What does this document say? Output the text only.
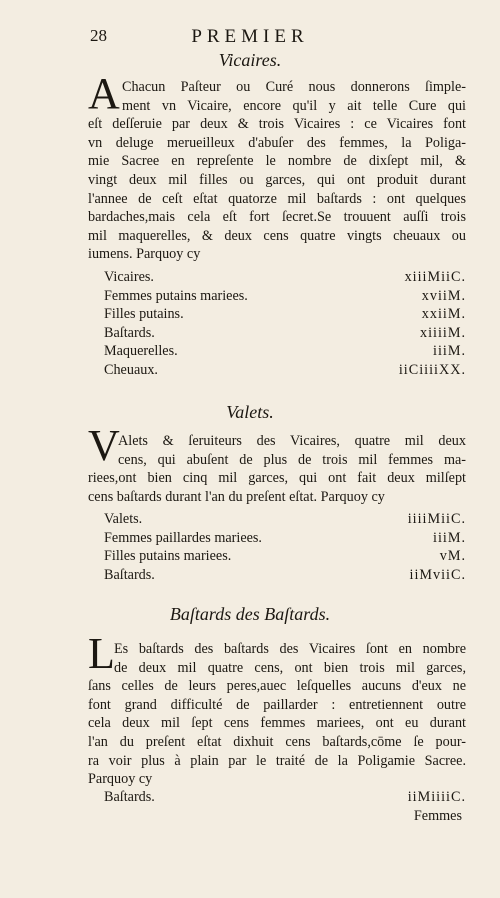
28	PREMIER
Vicaires.
A Chacun Paſteur ou Curé nous donnerons ſimple-
ment vn Vicaire, encore qu'il y ait telle Cure qui
eſt deſſeruie par deux & trois Vicaires : ce Vicaires font
vn deluge merueilleux d'abuſer des femmes, la Poliga-
mie Sacree en repreſente le nombre de dixſept mil, &
vingt deux mil filles ou garces, qui ont produit durant
l'annee de ceſt eſtat quatorze mil baſtards : ont quelques
bardaches,mais cela eſt fort ſecret.Se trouuent auſſi trois
mil maquerelles, & deux cens quatre vingts cheuaux ou
iumens. Parquoy cy
Vicaires.	xiiiMiiC.
Femmes putains mariees.	xviiM.
Filles putains.	xxiiM.
Baſtards.	xiiiiM.
Maquerelles.	iiiM.
Cheuaux.	iiCiiiiXX.
Valets.
V
Alets & ſeruiteurs des Vicaires, quatre mil deux
cens, qui abuſent de plus de trois mil femmes ma-
riees,ont bien cinq mil garces, qui ont fait deux milſept
cens baſtards durant l'an du preſent eſtat. Parquoy cy
Valets.	iiiiMiiC.
Femmes paillardes mariees.	iiiM.
Filles putains mariees.	vM.
Baſtards.	iiMviiC.
Baſtards des Baſtards.
L Es baſtards des baſtards des Vicaires ſont en nombre
de deux mil quatre cens, ont bien trois mil garces,
ſans celles de leurs peres,auec leſquelles aucuns d'eux ne
font grand difficulté de paillarder : entretiennent outre
cela deux mil ſept cens femmes mariees, ont eu durant
l'an du preſent eſtat dixhuit cens baſtards,cōme ſe pour-
ra voir plus à plain par le traité de la Poligamie Sacree.
Parquoy cy
Baſtards.	iiMiiiiC.
Femmes
